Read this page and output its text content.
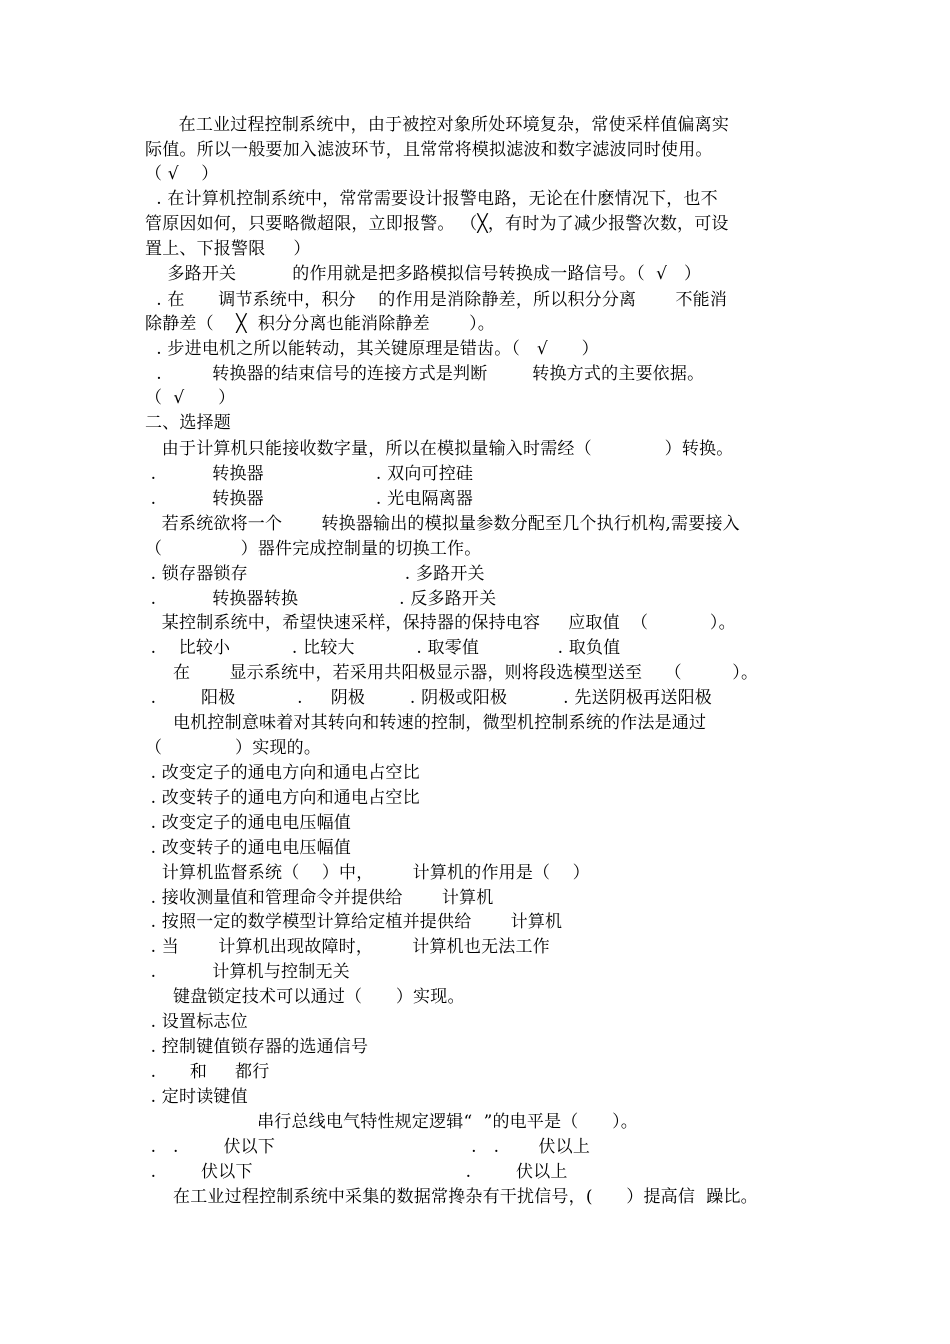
在工业过程控制系统中，由于被控对象所处环境复杂，常使采样值偏离实
际值。所以一般要加入滤波环节，且常常将模拟滤波和数字滤波同时使用。
（ √    ）
. 在计算机控制系统中，常常需要设计报警电路，无论在什麽情况下，也不
管原因如何，只要略微超限，立即报警。 （╳，有时为了减少报警次数，可设
置上、下报警限     ）
多路开关          的作用就是把多路模拟信号转换成一路信号。（  √   ）
. 在      调节系统中，积分    的作用是消除静差，所以积分分离       不能消
除静差（    ╳  积分分离也能消除静差       ）。
. 步进电机之所以能转动，其关键原理是错齿。（   √      ）
.         转换器的结束信号的连接方式是判断        转换方式的主要依据。
（  √      ）
二、选择题
由于计算机只能接收数字量，所以在模拟量输入时需经（             ）转换。
.          转换器                    . 双向可控硅
.          转换器                    . 光电隔离器
若系统欲将一个       转换器输出的模拟量参数分配至几个执行机构,需要接入
（              ）器件完成控制量的切换工作。
. 锁存器锁存                            . 多路开关
.          转换器转换                  . 反多路开关
某控制系统中，希望快速采样，保持器的保持电容     应取值  （           ）。
.    比较小           . 比较大           . 取零值              . 取负值
在       显示系统中，若采用共阳极显示器，则将段选模型送至    （         ）。
.        阳极           .     阴极        . 阴极或阳极          . 先送阴极再送阳极
电机控制意味着对其转向和转速的控制，微型机控制系统的作法是通过
（             ）实现的。
. 改变定子的通电方向和通电占空比
. 改变转子的通电方向和通电占空比
. 改变定子的通电电压幅值
. 改变转子的通电电压幅值
计算机监督系统（    ）中，       计算机的作用是（    ）
. 接收测量值和管理命令并提供给       计算机
. 按照一定的数学模型计算给定植并提供给       计算机
. 当       计算机出现故障时，       计算机也无法工作
.          计算机与控制无关
键盘锁定技术可以通过（      ）实现。
. 设置标志位
. 控制键值锁存器的选通信号
.      和     都行
. 定时读键值
串行总线电气特性规定逻辑“  ”的电平是（      ）。
.   .        伏以下                                   .   .       伏以上
.        伏以下                                      .        伏以上
在工业过程控制系统中采集的数据常搀杂有干扰信号，(      ）提高信  躁比。
